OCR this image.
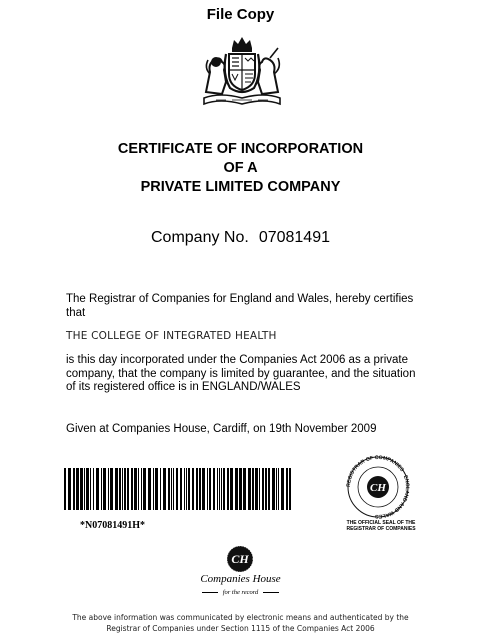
File Copy
CERTIFICATE OF INCORPORATION
OF A
PRIVATE LIMITED COMPANY
Company No. 07081491
The Registrar of Companies for England and Wales, hereby certifies that
THE COLLEGE OF INTEGRATED HEALTH
is this day incorporated under the Companies Act 2006 as a private company, that the company is limited by guarantee, and the situation of its registered office is in ENGLAND/WALES
Given at Companies House, Cardiff, on 19th November 2009
*N07081491H*
REGISTRAR OF COMPANIES · ENGLAND AND WALES
CH
THE OFFICIAL SEAL OF THE
REGISTRAR OF COMPANIES
CH
Companies House
for the record
The above information was communicated by electronic means and authenticated by the
Registrar of Companies under Section 1115 of the Companies Act 2006
